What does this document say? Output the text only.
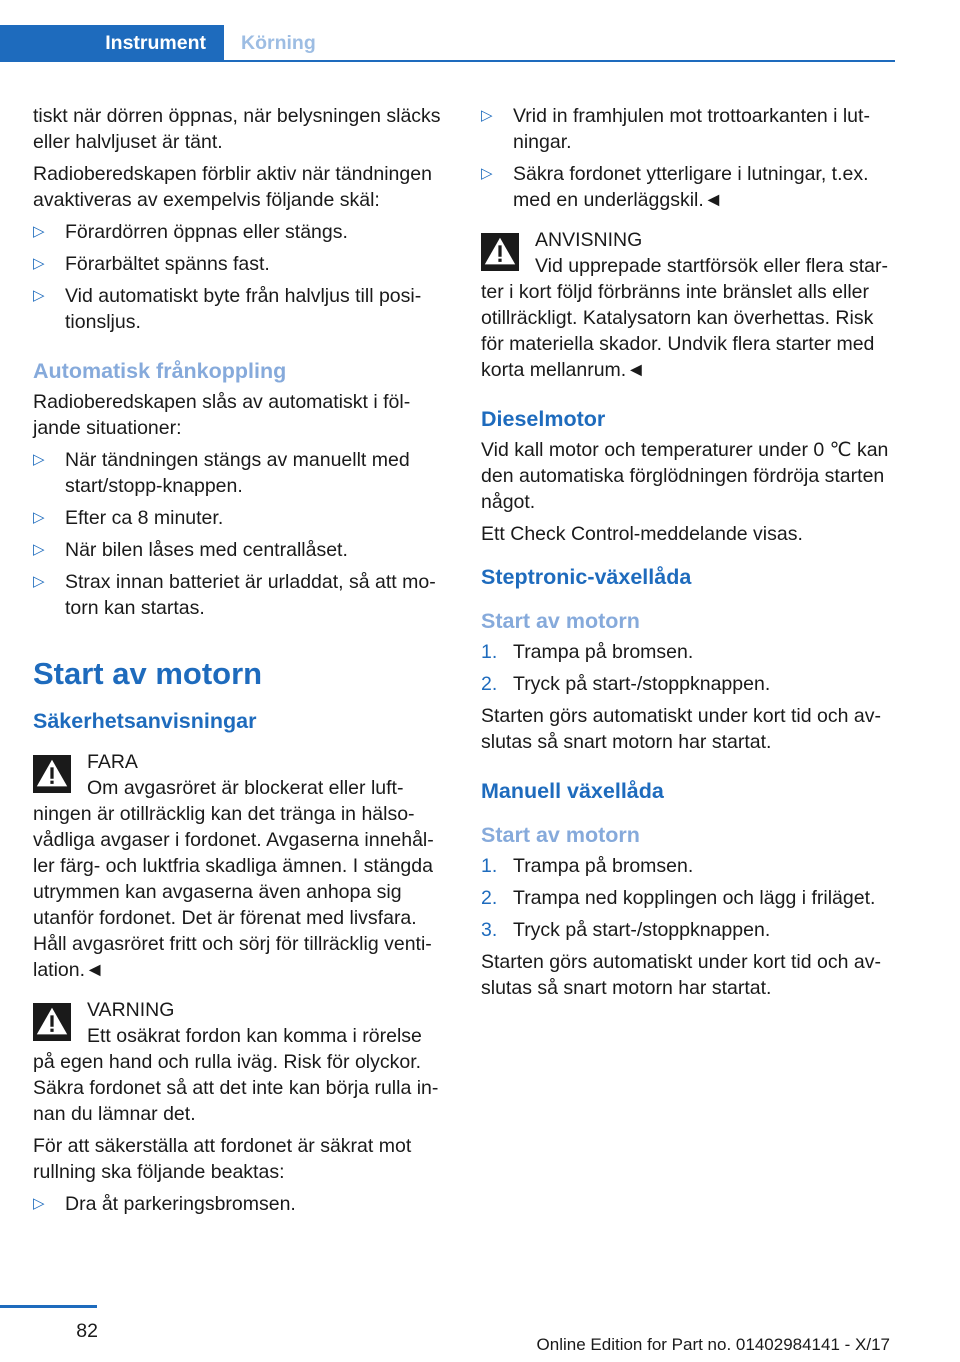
Instrument	Körning

tiskt när dörren öppnas, när belysningen släcks eller halvljuset är tänt.

Radioberedskapen förblir aktiv när tändningen avaktiveras av exempelvis följande skäl:

▷ Förardörren öppnas eller stängs.
▷ Förarbältet spänns fast.
▷ Vid automatiskt byte från halvljus till posi-tionsljus.
Automatisk frånkoppling

Radioberedskapen slås av automatiskt i föl-jande situationer:

▷ När tändningen stängs av manuellt med start/stopp-knappen.
▷ Efter ca 8 minuter.
▷ När bilen låses med centrallåset.
▷ Strax innan batteriet är urladdat, så att mo-torn kan startas.
Start av motorn
Säkerhetsanvisningar
FARA
Om avgasröret är blockerat eller luft-ningen är otillräcklig kan det tränga in hälso-vådliga avgaser i fordonet. Avgaserna innehål-ler färg- och luktfria skadliga ämnen. I stängda utrymmen kan avgaserna även anhopa sig utanför fordonet. Det är förenat med livsfara. Håll avgasröret fritt och sörj för tillräcklig venti-lation.◄
VARNING
Ett osäkrat fordon kan komma i rörelse på egen hand och rulla iväg. Risk för olyckor. Säkra fordonet så att det inte kan börja rulla in-nan du lämnar det.

För att säkerställa att fordonet är säkrat mot rullning ska följande beaktas:

▷ Dra åt parkeringsbromsen.
▷ Vrid in framhjulen mot trottoarkanten i lut-ningar.
▷ Säkra fordonet ytterligare i lutningar, t.ex. med en underläggskil.◄
ANVISNING
Vid upprepade startförsök eller flera star-ter i kort följd förbränns inte bränslet alls eller otillräckligt. Katalysatorn kan överhettas. Risk för materiella skador. Undvik flera starter med korta mellanrum.◄
Dieselmotor

Vid kall motor och temperaturer under 0 ℃ kan den automatiska förglödningen fördröja starten något.

Ett Check Control-meddelande visas.

Steptronic-växellåda
Start av motorn
1. Trampa på bromsen.
2. Tryck på start-/stoppknappen.

Starten görs automatiskt under kort tid och av-slutas så snart motorn har startat.

Manuell växellåda
Start av motorn
1. Trampa på bromsen.
2. Trampa ned kopplingen och lägg i friläget.
3. Tryck på start-/stoppknappen.

Starten görs automatiskt under kort tid och av-slutas så snart motorn har startat.

82
Online Edition for Part no. 01402984141 - X/17
